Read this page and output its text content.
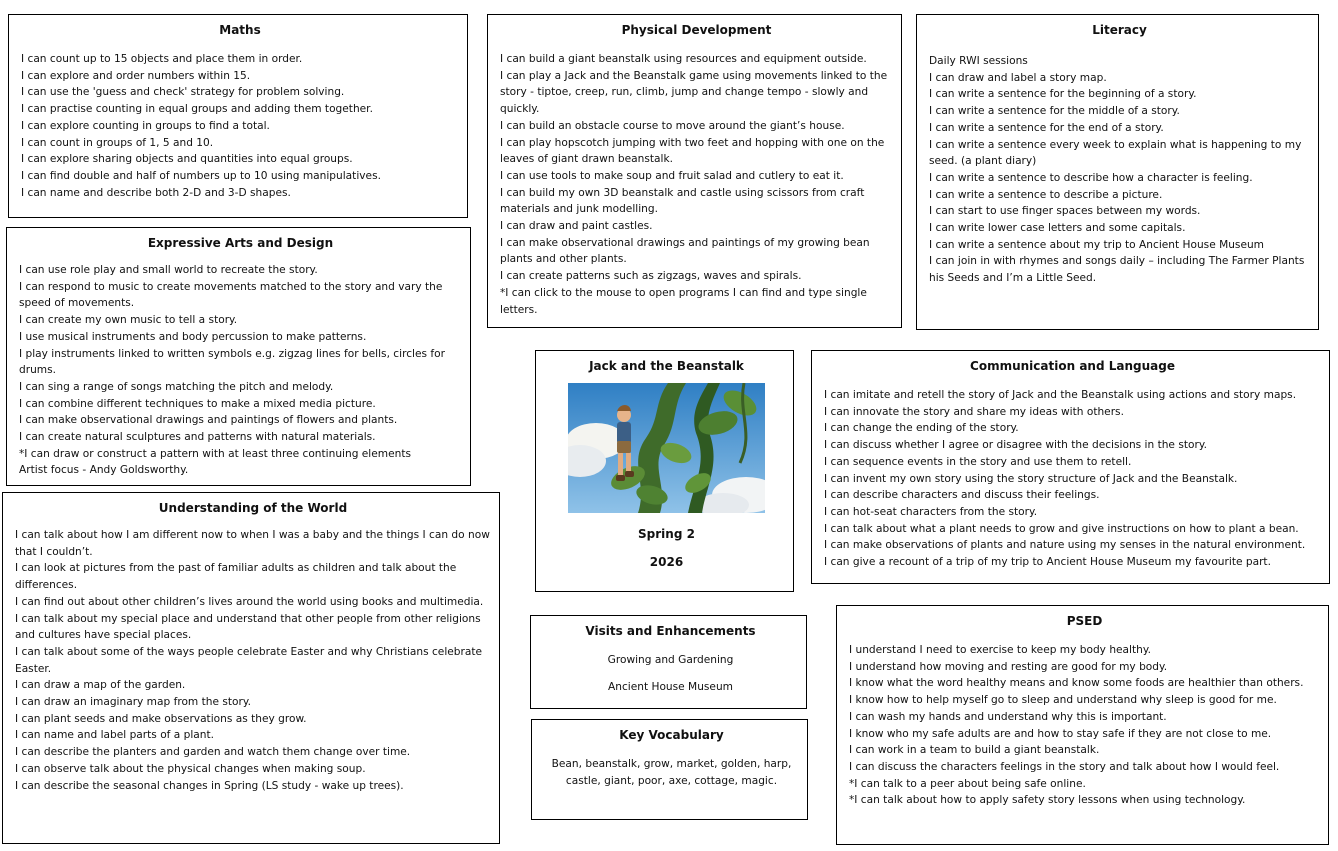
Maths
I can count up to 15 objects and place them in order.
I can explore and order numbers within 15.
I can use the 'guess and check' strategy for problem solving.
I can practise counting in equal groups and adding them together.
I can explore counting in groups to find a total.
I can count in groups of 1, 5 and 10.
I can explore sharing objects and quantities into equal groups.
I can find double and half of numbers up to 10 using manipulatives.
I can name and describe both 2-D and 3-D shapes.
Expressive Arts and Design
I can use role play and small world to recreate the story.
I can respond to music to create movements matched to the story and vary the speed of movements.
I can create my own music to tell a story.
I use musical instruments and body percussion to make patterns.
I play instruments linked to written symbols e.g. zigzag lines for bells, circles for drums.
I can sing a range of songs matching the pitch and melody.
I can combine different techniques to make a mixed media picture.
I can make observational drawings and paintings of flowers and plants.
I can create natural sculptures and patterns with natural materials.
*I can draw or construct a pattern with at least three continuing elements
Artist focus - Andy Goldsworthy.
Understanding of the World
I can talk about how I am different now to when I was a baby and the things I can do now that I couldn’t.
I can look at pictures from the past of familiar adults as children and talk about the differences.
I can find out about other children’s lives around the world using books and multimedia.
I can talk about my special place and understand that other people from other religions and cultures have special places.
I can talk about some of the ways people celebrate Easter and why Christians celebrate Easter.
I can draw a map of the garden.
I can draw an imaginary map from the story.
I can plant seeds and make observations as they grow.
I can name and label parts of a plant.
I can describe the planters and garden and watch them change over time.
I can observe talk about the physical changes when making soup.
I can describe the seasonal changes in Spring (LS study - wake up trees).
Physical Development
I can build a giant beanstalk using resources and equipment outside.
I can play a Jack and the Beanstalk game using movements linked to the story - tiptoe, creep, run, climb, jump and change tempo - slowly and quickly.
I can build an obstacle course to move around the giant’s house.
I can play hopscotch jumping with two feet and hopping with one on the leaves of giant drawn beanstalk.
I can use tools to make soup and fruit salad and cutlery to eat it.
I can build my own 3D beanstalk and castle using scissors from craft materials and junk modelling.
I can draw and paint castles.
I can make observational drawings and paintings of my growing bean plants and other plants.
I can create patterns such as zigzags, waves and spirals.
*I can click to the mouse to open programs I can find and type single letters.
Literacy
Daily RWI sessions
I can draw and label a story map.
I can write a sentence for the beginning of a story.
I can write a sentence for the middle of a story.
I can write a sentence for the end of a story.
I can write a sentence every week to explain what is happening to my seed. (a plant diary)
I can write a sentence to describe how a character is feeling.
I can write a sentence to describe a picture.
I can start to use finger spaces between my words.
I can write lower case letters and some capitals.
I can write a sentence about my trip to Ancient House Museum
I can join in with rhymes and songs daily – including The Farmer Plants his Seeds and I’m a Little Seed.
Jack and the Beanstalk
Spring 2
2026
Communication and Language
I can imitate and retell the story of Jack and the Beanstalk using actions and story maps.
I can innovate the story and share my ideas with others.
I can change the ending of the story.
I can discuss whether I agree or disagree with the decisions in the story.
I can sequence events in the story and use them to retell.
I can invent my own story using the story structure of Jack and the Beanstalk.
I can describe characters and discuss their feelings.
I can hot-seat characters from the story.
I can talk about what a plant needs to grow and give instructions on how to plant a bean.
I can make observations of plants and nature using my senses in the natural environment.
I can give a recount of a trip of my trip to Ancient House Museum my favourite part.
Visits and Enhancements
Growing and Gardening
Ancient House Museum
Key Vocabulary

Bean, beanstalk, grow, market, golden, harp, castle, giant, poor, axe, cottage, magic.

PSED
I understand I need to exercise to keep my body healthy.
I understand how moving and resting are good for my body.
I know what the word healthy means and know some foods are healthier than others.
I know how to help myself go to sleep and understand why sleep is good for me.
I can wash my hands and understand why this is important.
I know who my safe adults are and how to stay safe if they are not close to me.
I can work in a team to build a giant beanstalk.
I can discuss the characters feelings in the story and talk about how I would feel.
*I can talk to a peer about being safe online.
*I can talk about how to apply safety story lessons when using technology.
